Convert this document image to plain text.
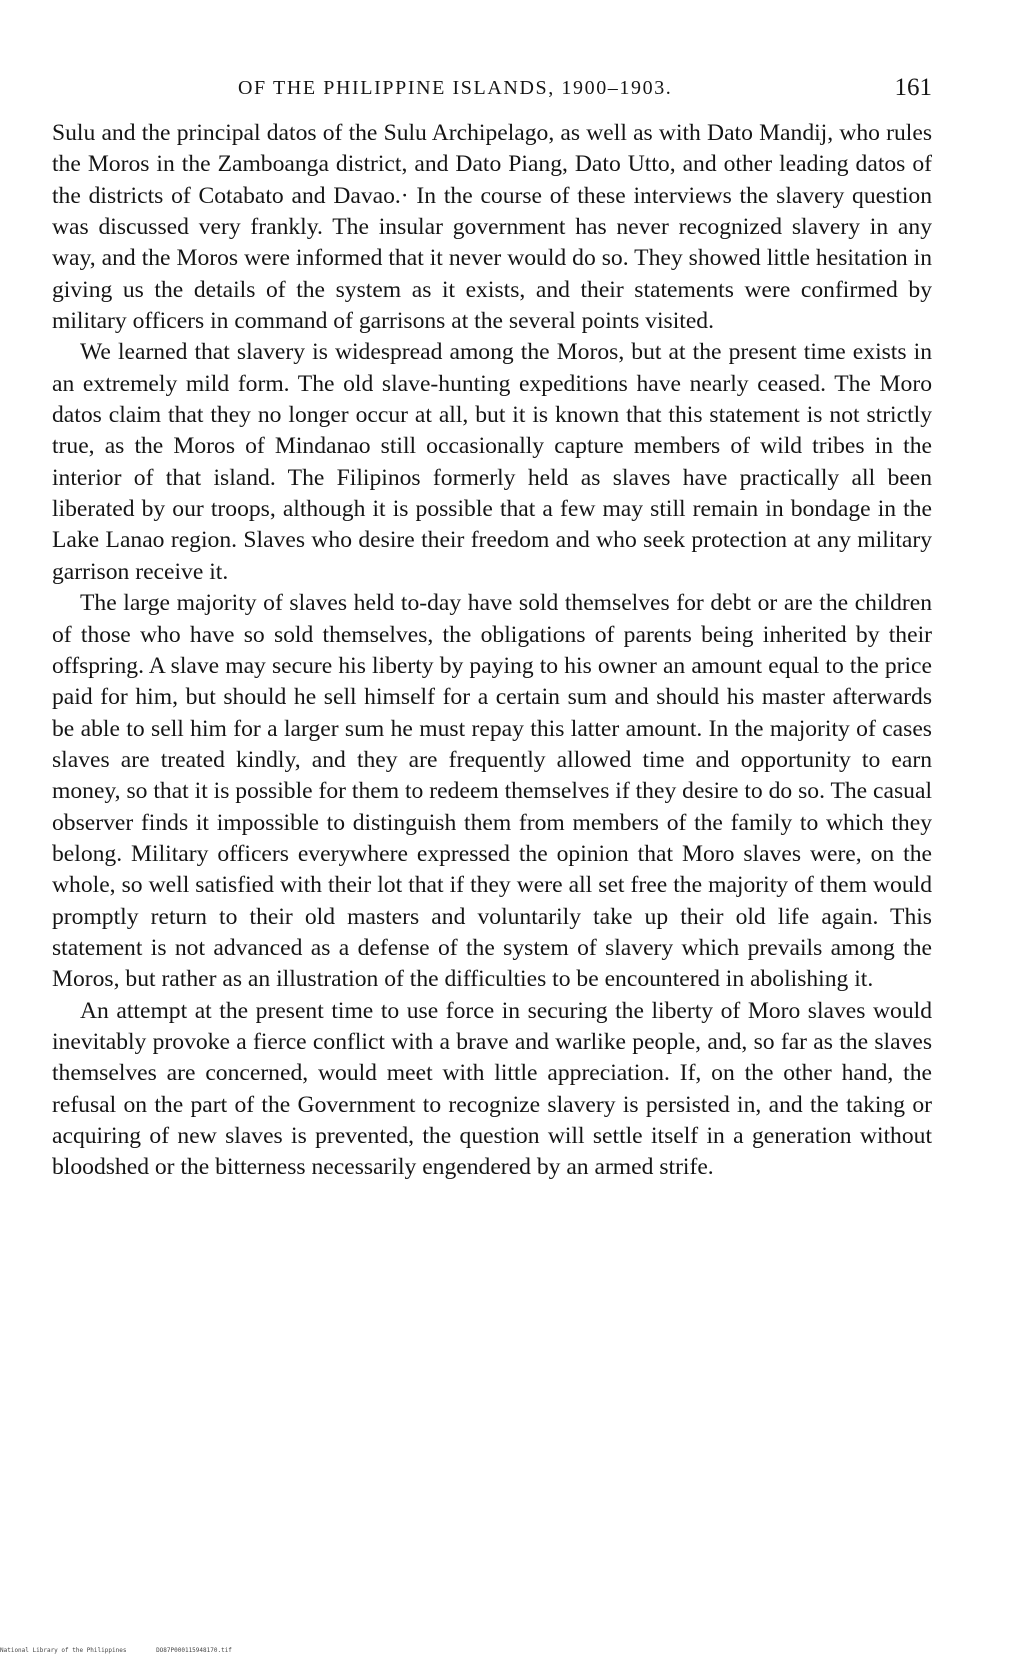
OF THE PHILIPPINE ISLANDS, 1900–1903.	161

Sulu and the principal datos of the Sulu Archipelago, as well as with Dato Mandij, who rules the Moros in the Zamboanga district, and Dato Piang, Dato Utto, and other leading datos of the districts of Cotabato and Davao.· In the course of these interviews the slavery question was discussed very frankly. The insular government has never recognized slavery in any way, and the Moros were informed that it never would do so. They showed little hesitation in giving us the details of the system as it exists, and their statements were confirmed by military officers in command of garrisons at the several points visited.

We learned that slavery is widespread among the Moros, but at the present time exists in an extremely mild form. The old slave-hunting expeditions have nearly ceased. The Moro datos claim that they no longer occur at all, but it is known that this statement is not strictly true, as the Moros of Mindanao still occasionally capture members of wild tribes in the interior of that island. The Filipinos formerly held as slaves have practically all been liberated by our troops, although it is possible that a few may still remain in bondage in the Lake Lanao region. Slaves who desire their freedom and who seek protection at any military garrison receive it.

The large majority of slaves held to-day have sold themselves for debt or are the children of those who have so sold themselves, the obligations of parents being inherited by their offspring. A slave may secure his liberty by paying to his owner an amount equal to the price paid for him, but should he sell himself for a certain sum and should his master afterwards be able to sell him for a larger sum he must repay this latter amount. In the majority of cases slaves are treated kindly, and they are frequently allowed time and opportunity to earn money, so that it is possible for them to redeem themselves if they desire to do so. The casual observer finds it impossible to distinguish them from members of the family to which they belong. Military officers everywhere expressed the opinion that Moro slaves were, on the whole, so well satisfied with their lot that if they were all set free the majority of them would promptly return to their old masters and voluntarily take up their old life again. This statement is not advanced as a defense of the system of slavery which prevails among the Moros, but rather as an illustration of the difficulties to be encountered in abolishing it.

An attempt at the present time to use force in securing the liberty of Moro slaves would inevitably provoke a fierce conflict with a brave and warlike people, and, so far as the slaves themselves are concerned, would meet with little appreciation. If, on the other hand, the refusal on the part of the Government to recognize slavery is persisted in, and the taking or acquiring of new slaves is prevented, the question will settle itself in a generation without bloodshed or the bitterness necessarily engendered by an armed strife.

National Library of the Philippines	DO87P000115948170.tif
